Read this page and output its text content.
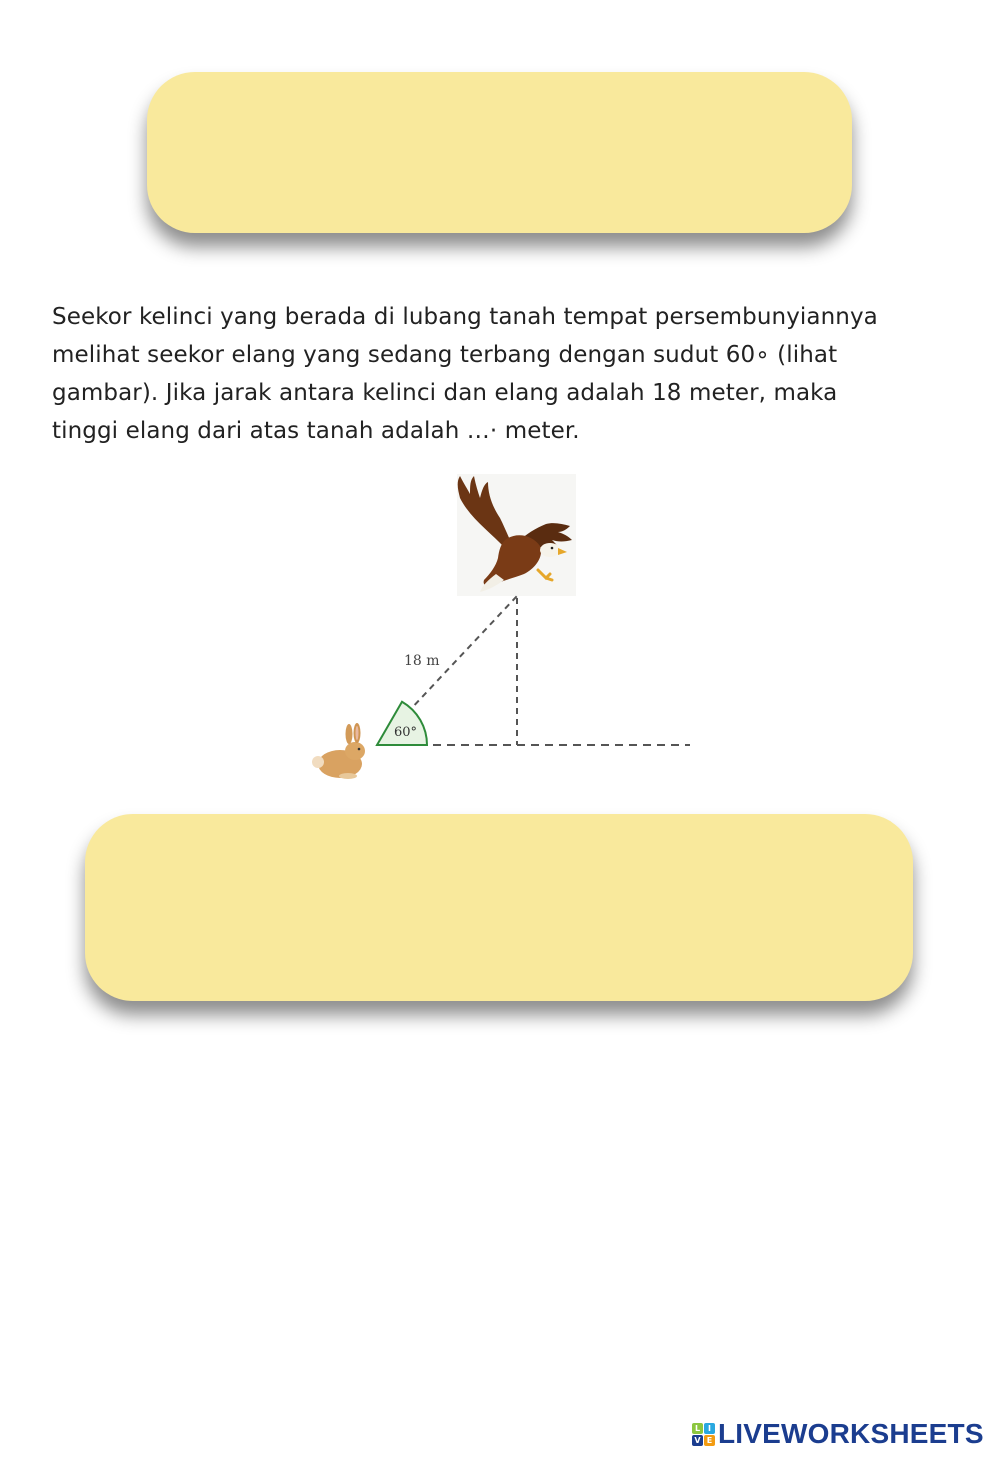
Seekor kelinci yang berada di lubang tanah tempat persembunyiannya

melihat seekor elang yang sedang terbang dengan sudut 60∘ (lihat

gambar). Jika jarak antara kelinci dan elang adalah 18 meter, maka

tinggi elang dari atas tanah adalah …⋅ meter.

18 m
60°
L I
V E LIVEWORKSHEETS
